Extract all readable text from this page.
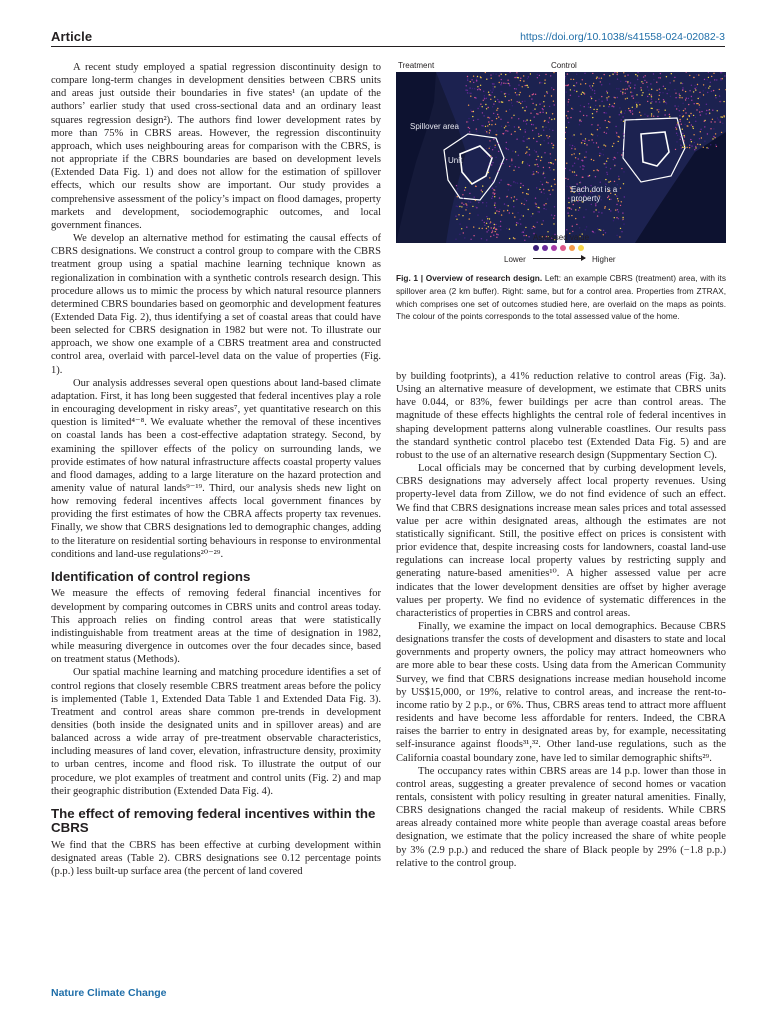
Article	https://doi.org/10.1038/s41558-024-02082-3

A recent study employed a spatial regression discontinuity design to compare long-term changes in development densities between CBRS units and areas just outside their boundaries in five states¹ (an update of the authors’ earlier study that used cross-sectional data and an ordinary least squares regression design²). The authors find lower development rates by more than 75% in CBRS areas. However, the regression discontinuity approach, which uses neighbouring areas for comparison with the CBRS, is not appropriate if the CBRS boundaries are based on development levels (Extended Data Fig. 1) and does not allow for the estimation of spillover effects, which our results show are important. Our study provides a comprehensive assessment of the policy’s impact on flood damages, property markets and development, sociodemographic outcomes, and local government finances.

We develop an alternative method for estimating the causal effects of CBRS designations. We construct a control group to compare with the CBRS treatment group using a spatial machine learning technique known as regionalization in combination with a synthetic controls research design. This procedure allows us to mimic the process by which natural resource planners determined CBRS boundaries based on geomorphic and development features (Extended Data Fig. 2), thus identifying a set of coastal areas that could have been selected for CBRS designation in 1982 but were not. To illustrate our approach, we show one example of a CBRS treatment area and constructed control area, overlaid with parcel-level data on the value of properties (Fig. 1).

Our analysis addresses several open questions about land-based climate adaptation. First, it has long been suggested that federal incentives play a role in encouraging development in risky areas⁷, yet quantitative research on this question is limited⁴⁻⁸. We evaluate whether the removal of these incentives on coastal lands has been a cost-effective adaptation strategy. Second, by examining the spillover effects of the policy on surrounding lands, we provide estimates of how natural infrastructure affects coastal property values and flood damages, adding to a large literature on the hazard protection and amenity value of natural lands⁹⁻¹⁹. Third, our analysis sheds new light on how removing federal incentives affects local government finances by providing the first estimates of how the CBRA affects property tax revenues. Finally, we show that CBRS designations led to demographic changes, adding to the literature on residential sorting behaviours in response to environmental conditions and land-use regulations²⁰⁻²⁹.

Identification of control regions

We measure the effects of removing federal financial incentives for development by comparing outcomes in CBRS units and control areas today. This approach relies on finding control areas that were statistically indistinguishable from treatment areas at the time of designation in 1982, while measuring divergence in outcomes over the four decades since, based on treatment status (Methods).

Our spatial machine learning and matching procedure identifies a set of control regions that closely resemble CBRS treatment areas before the policy is implemented (Table 1, Extended Data Table 1 and Extended Data Fig. 3). Treatment and control areas share common pre-trends in development densities (both inside the designated units and in spillover areas) and are balanced across a wide array of pre-treatment observable characteristics, including measures of land cover, elevation, infrastructure density, proximity to urban centres, income and flood risk. To illustrate the output of our procedure, we plot examples of treatment and control units (Fig. 2) and map their geographic distribution (Extended Data Fig. 4).

The effect of removing federal incentives within the CBRS

We find that the CBRS has been effective at curbing development within designated areas (Table 2). CBRS designations see 0.12 percentage points (p.p.) less built-up surface area (the percent of land covered

Treatment	Control
Spillover area
Unit
Each dot is a property
Assessed value
Lower	Higher
Fig. 1 | Overview of research design. Left: an example CBRS (treatment) area, with its spillover area (2 km buffer). Right: same, but for a control area. Properties from ZTRAX, which comprises one set of outcomes studied here, are overlaid on the maps as points. The colour of the points corresponds to the total assessed value of the home.

by building footprints), a 41% reduction relative to control areas (Fig. 3a). Using an alternative measure of development, we estimate that CBRS units have 0.044, or 83%, fewer buildings per acre than control areas. The magnitude of these effects highlights the central role of federal incentives in shaping development patterns along vulnerable coastlines. Our results pass the standard synthetic control placebo test (Extended Data Fig. 5) and are robust to the use of an alternative research design (Suppmentary Section C).

Local officials may be concerned that by curbing development levels, CBRS designations may adversely affect local property revenues. Using property-level data from Zillow, we do not find evidence of such an effect. We find that CBRS designations increase mean sales prices and total assessed value per acre within designated areas, although the estimates are not statistically significant. Still, the positive effect on prices is consistent with prior evidence that, despite increasing costs for landowners, coastal land-use regulations can increase local property values by restricting supply and generating nature-based amenities¹⁰. A higher assessed value per acre indicates that the lower development densities are offset by higher average values per property. We find no evidence of systematic differences in the characteristics of properties in CBRS and control areas.

Finally, we examine the impact on local demographics. Because CBRS designations transfer the costs of development and disasters to state and local governments and property owners, the policy may attract homeowners who are more able to bear these costs. Using data from the American Community Survey, we find that CBRS designations increase median household income by US$15,000, or 19%, relative to control areas, and increase the rent-to-income ratio by 2 p.p., or 6%. Thus, CBRS areas tend to attract more affluent residents and have become less affordable for renters. Indeed, the CBRA raises the barrier to entry in designated areas by, for example, necessitating self-insurance against floods³¹,³². Other land-use regulations, such as the California coastal boundary zone, have led to similar demographic shifts²⁹.

The occupancy rates within CBRS areas are 14 p.p. lower than those in control areas, suggesting a greater prevalence of second homes or vacation rentals, consistent with policy resulting in greater natural amenities. Finally, CBRS designations changed the racial makeup of residents. While CBRS areas already contained more white people than average coastal areas before designation, we estimate that the policy increased the share of white people by 3% (2.9 p.p.) and reduced the share of Black people by 29% (−1.8 p.p.) relative to the control group.

Nature Climate Change
